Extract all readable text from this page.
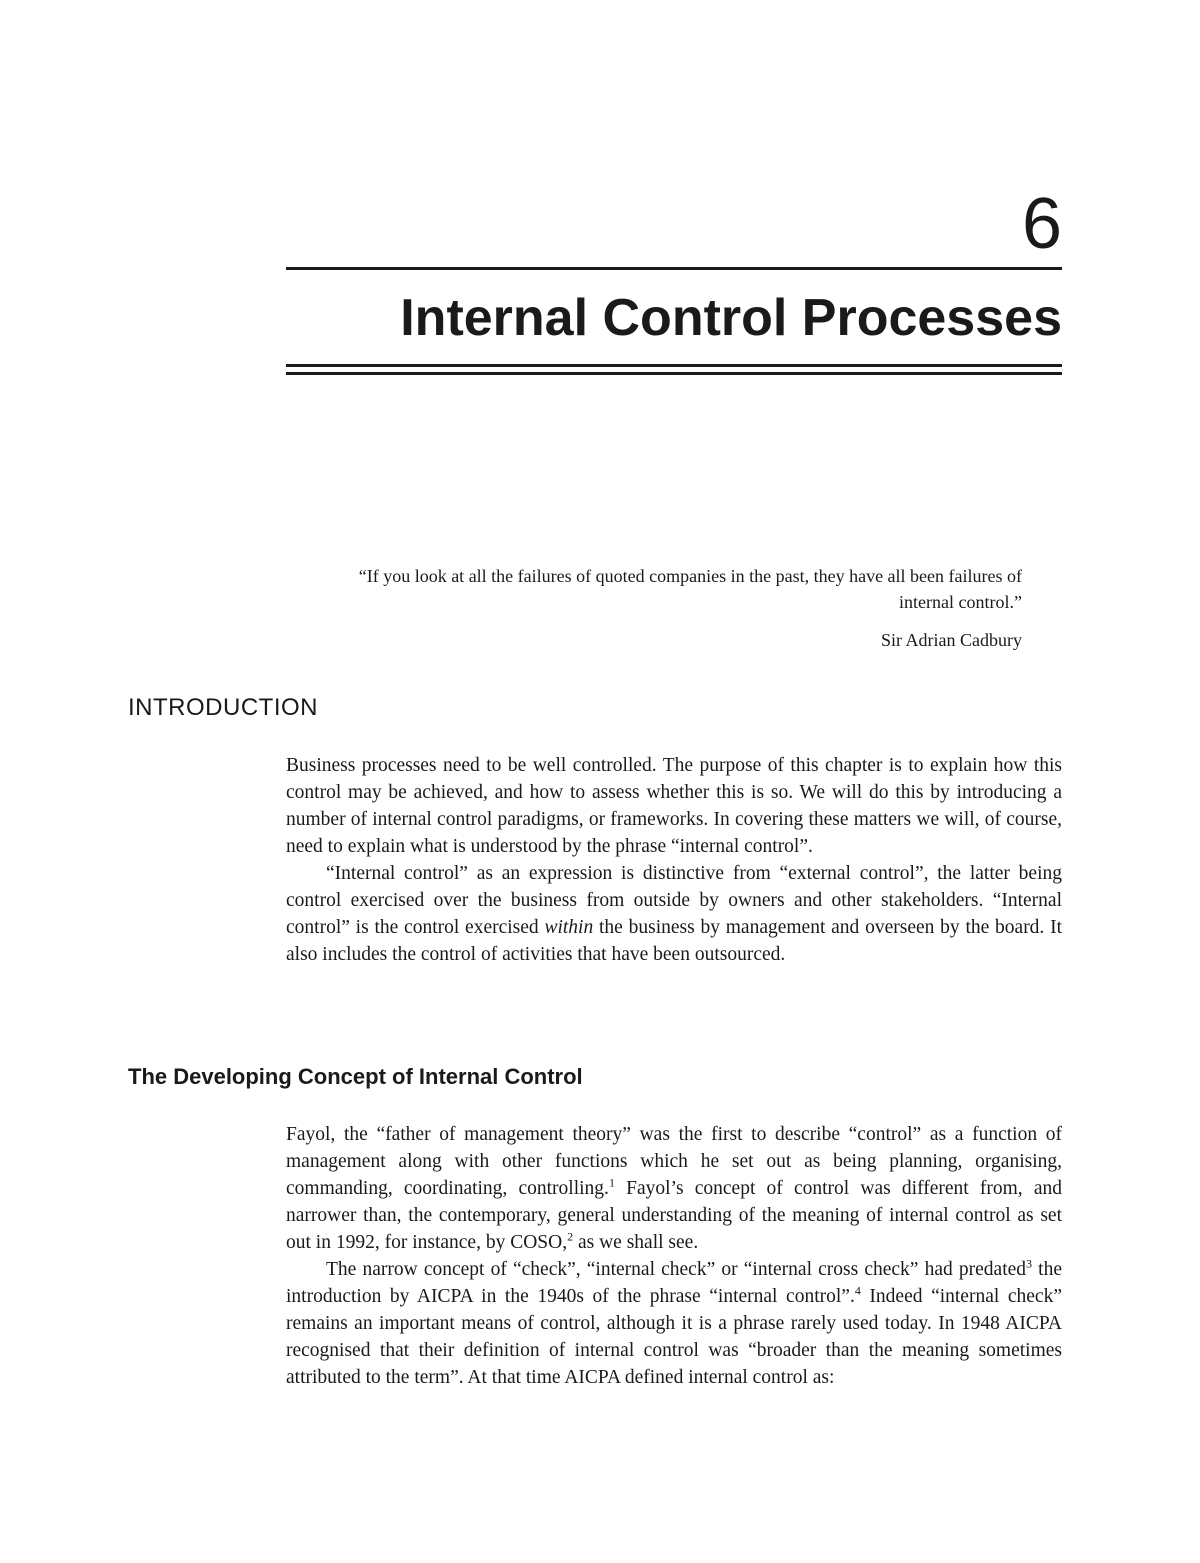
6
Internal Control Processes

“If you look at all the failures of quoted companies in the past, they have all been failures of internal control.”

Sir Adrian Cadbury

INTRODUCTION

Business processes need to be well controlled. The purpose of this chapter is to explain how this control may be achieved, and how to assess whether this is so. We will do this by introducing a number of internal control paradigms, or frameworks. In covering these matters we will, of course, need to explain what is understood by the phrase “internal control”.

“Internal control” as an expression is distinctive from “external control”, the latter being control exercised over the business from outside by owners and other stakeholders. “Internal control” is the control exercised within the business by management and overseen by the board. It also includes the control of activities that have been outsourced.

The Developing Concept of Internal Control

Fayol, the “father of management theory” was the first to describe “control” as a function of management along with other functions which he set out as being planning, organising, commanding, coordinating, controlling.$^1$ Fayol’s concept of control was different from, and narrower than, the contemporary, general understanding of the meaning of internal control as set out in 1992, for instance, by COSO,$^2$ as we shall see.

The narrow concept of “check”, “internal check” or “internal cross check” had predated$^3$ the introduction by AICPA in the 1940s of the phrase “internal control”.$^4$ Indeed “internal check” remains an important means of control, although it is a phrase rarely used today. In 1948 AICPA recognised that their definition of internal control was “broader than the meaning sometimes attributed to the term”. At that time AICPA defined internal control as:
